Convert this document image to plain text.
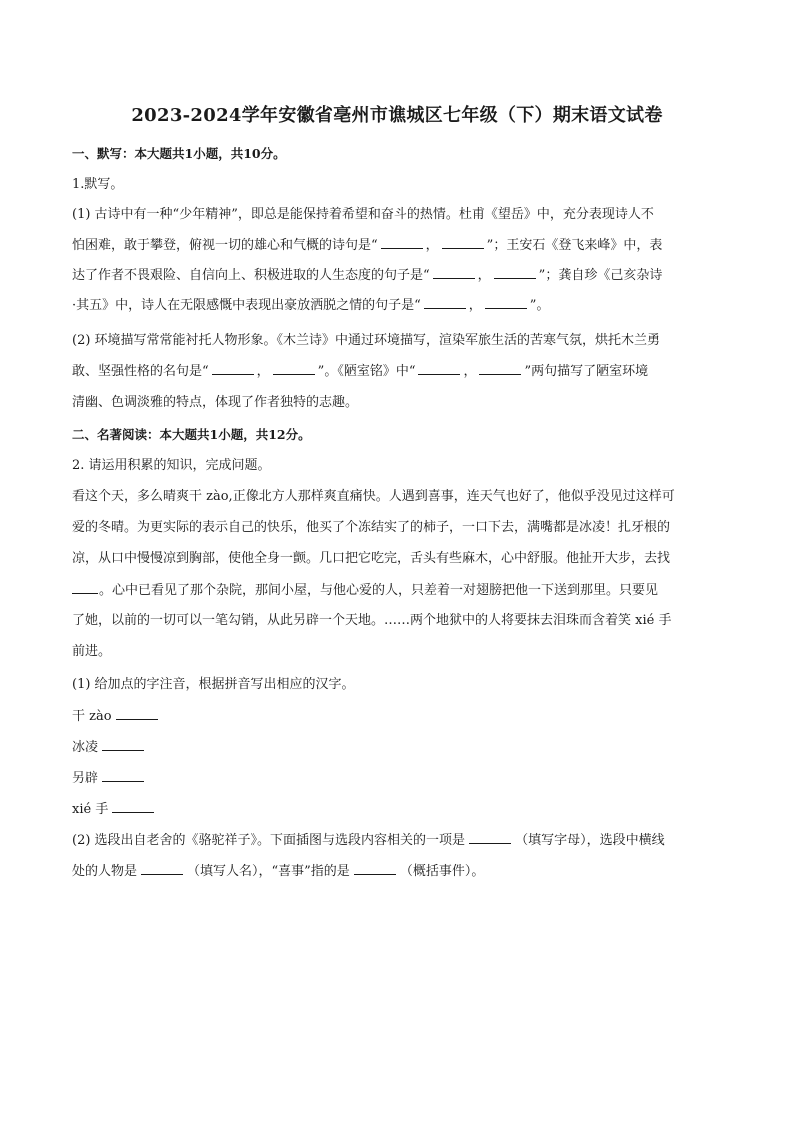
2023-2024学年安徽省亳州市谯城区七年级（下）期末语文试卷
一、默写：本大题共1小题，共10分。
1.默写。
(1) 古诗中有一种“少年精神”，即总是能保持着希望和奋斗的热情。杜甫《望岳》中，充分表现诗人不
怕困难，敢于攀登，俯视一切的雄心和气概的诗句是“	，	”；王安石《登飞来峰》中，表
达了作者不畏艰险、自信向上、积极进取的人生态度的句子是“	，	”；龚自珍《己亥杂诗
·其五》中，诗人在无限感慨中表现出豪放洒脱之情的句子是“	，	”。
(2) 环境描写常常能衬托人物形象。《木兰诗》中通过环境描写，渲染军旅生活的苦寒气氛，烘托木兰勇
敢、坚强性格的名句是“	，	”。《陋室铭》中“	，	”两句描写了陋室环境
清幽、色调淡雅的特点，体现了作者独特的志趣。
二、名著阅读：本大题共1小题，共12分。
2. 请运用积累的知识，完成问题。
看这个天，多么晴爽干 zào,正像北方人那样爽直痛快。人遇到喜事，连天气也好了，他似乎没见过这样可
爱的冬晴。为更实际的表示自己的快乐，他买了个冻结实了的柿子，一口下去，满嘴都是冰凌！扎牙根的
凉，从口中慢慢凉到胸部，使他全身一颤。几口把它吃完，舌头有些麻木，心中舒服。他扯开大步，去找
。心中已看见了那个杂院，那间小屋，与他心爱的人，只差着一对翅膀把他一下送到那里。只要见
了她，以前的一切可以一笔勾销，从此另辟一个天地。……两个地狱中的人将要抹去泪珠而含着笑 xié 手
前进。
(1) 给加点的字注音，根据拼音写出相应的汉字。
干 zào
冰凌
另辟
xié 手
(2) 选段出自老舍的《骆驼祥子》。下面插图与选段内容相关的一项是	（填写字母），选段中横线
处的人物是	（填写人名），“喜事”指的是	（概括事件）。
